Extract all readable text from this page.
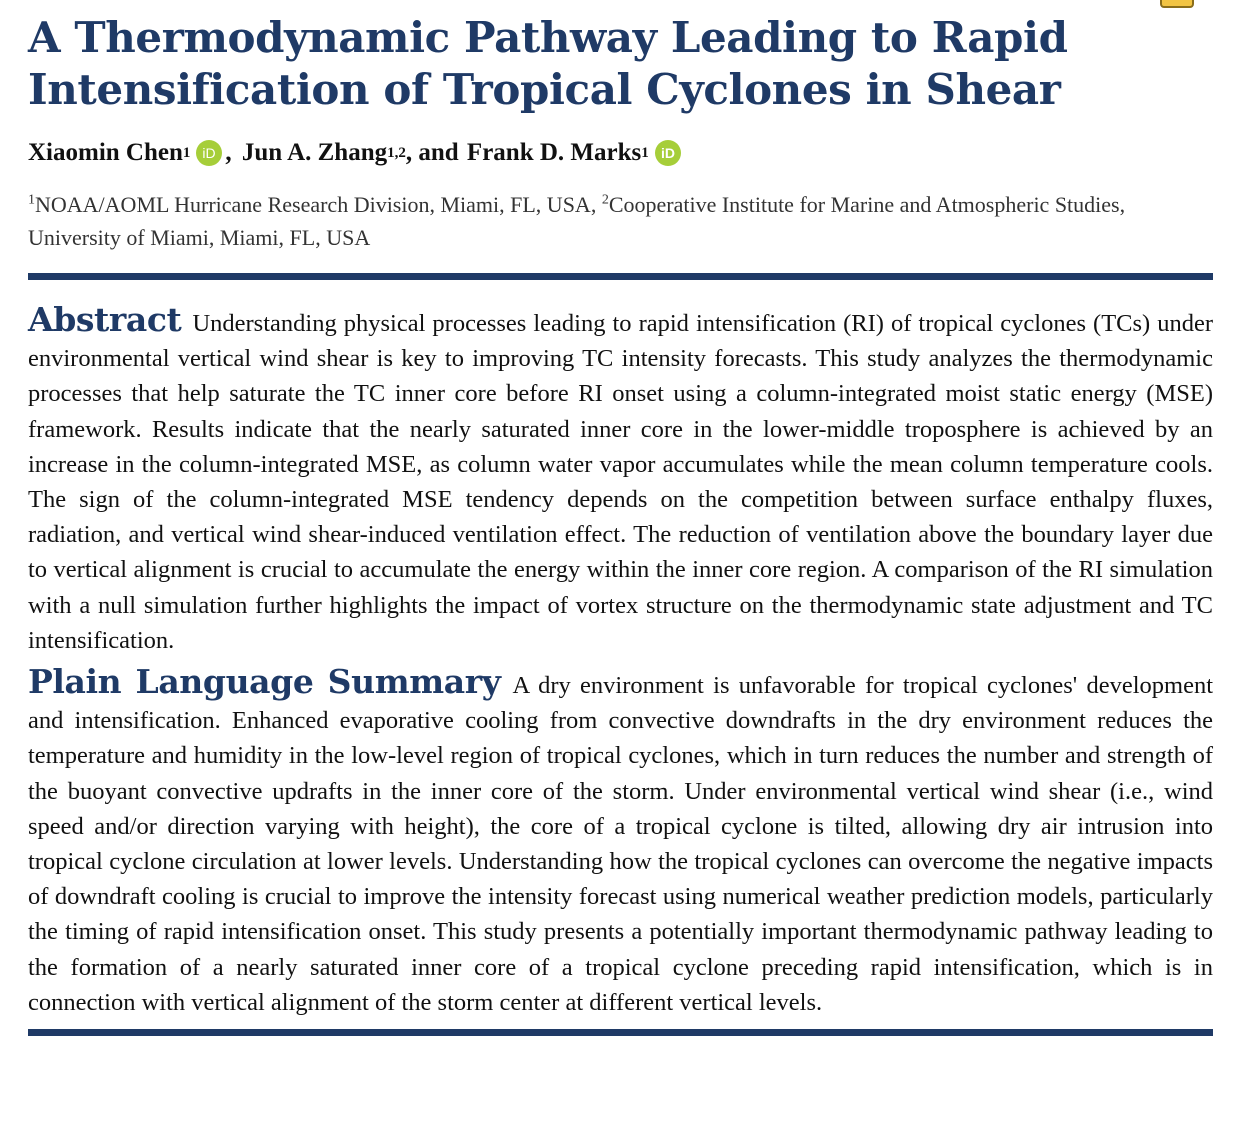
A Thermodynamic Pathway Leading to Rapid
Intensification of Tropical Cyclones in Shear
Xiaomin Chen 1 iD , Jun A. Zhang 1,2 , and Frank D. Marks 1 iD
$^1$NOAA/AOML Hurricane Research Division, Miami, FL, USA, $^2$Cooperative Institute for Marine and Atmospheric Studies, University of Miami, Miami, FL, USA
Abstract Understanding physical processes leading to rapid intensification (RI) of tropical cyclones (TCs) under environmental vertical wind shear is key to improving TC intensity forecasts. This study analyzes the thermodynamic processes that help saturate the TC inner core before RI onset using a column-integrated moist static energy (MSE) framework. Results indicate that the nearly saturated inner core in the lower-middle troposphere is achieved by an increase in the column-integrated MSE, as column water vapor accumulates while the mean column temperature cools. The sign of the column-integrated MSE tendency depends on the competition between surface enthalpy fluxes, radiation, and vertical wind shear-induced ventilation effect. The reduction of ventilation above the boundary layer due to vertical alignment is crucial to accumulate the energy within the inner core region. A comparison of the RI simulation with a null simulation further highlights the impact of vortex structure on the thermodynamic state adjustment and TC intensification.
Plain Language Summary A dry environment is unfavorable for tropical cyclones' development and intensification. Enhanced evaporative cooling from convective downdrafts in the dry environment reduces the temperature and humidity in the low-level region of tropical cyclones, which in turn reduces the number and strength of the buoyant convective updrafts in the inner core of the storm. Under environmental vertical wind shear (i.e., wind speed and/or direction varying with height), the core of a tropical cyclone is tilted, allowing dry air intrusion into tropical cyclone circulation at lower levels. Understanding how the tropical cyclones can overcome the negative impacts of downdraft cooling is crucial to improve the intensity forecast using numerical weather prediction models, particularly the timing of rapid intensification onset. This study presents a potentially important thermodynamic pathway leading to the formation of a nearly saturated inner core of a tropical cyclone preceding rapid intensification, which is in connection with vertical alignment of the storm center at different vertical levels.
